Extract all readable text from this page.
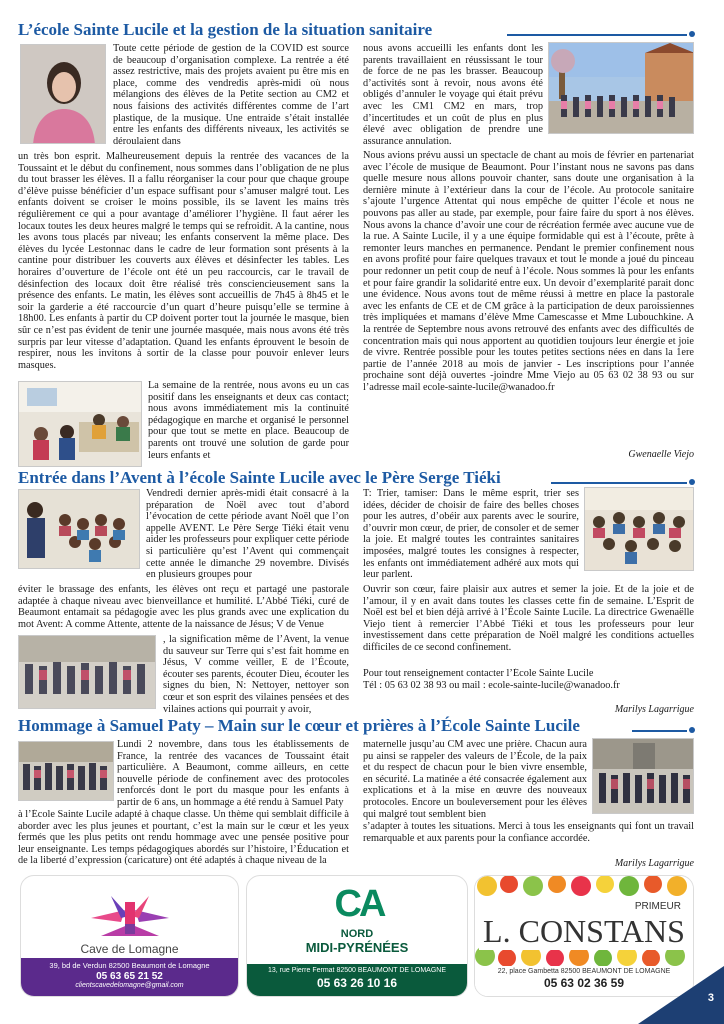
L’école Sainte Lucile et la gestion de la situation sanitaire
Toute cette période de gestion de la COVID est source de beaucoup d’organisation complexe. La rentrée a été assez restrictive, mais des projets avaient pu être mis en place, comme des vendredis après-midi où nous mélangions des élèves de la Petite section au CM2 et nous faisions des activités différentes comme de l’art plastique, de la musique. Une entraide s’était installée entre les enfants des différents niveaux, les activités se déroulaient dans
un très bon esprit. Malheureusement depuis la rentrée des vacances de la Toussaint et le début du confinement, nous sommes dans l’obligation de ne plus du tout brasser les élèves. Il a fallu réorganiser la cour pour que chaque groupe d’élève puisse bénéficier d’un espace suffisant pour s’amuser malgré tout. Les enfants doivent se croiser le moins possible, ils se lavent les mains très régulièrement ce qui a pour avantage d’améliorer l’hygiène. Il faut aérer les locaux toutes les deux heures malgré le temps qui se refroidit. A la cantine, nous les avons tous placés par niveau; les enfants conservent la même place. Des élèves du lycée Lestonnac dans le cadre de leur formation sont présents à la cantine pour distribuer les couverts aux élèves et désinfecter les tables. Les horaires d’ouverture de l’école ont été un peu raccourcis, car le travail de désinfection des locaux doit être réalisé très consciencieusement sans la présence des enfants. Le matin, les élèves sont accueillis de 7h45 à 8h45 et le soir la garderie a été raccourcie d’un quart d’heure puisqu’elle se termine à 18h00. Les enfants à partir du CP doivent porter tout la journée le masque, bien sûr ce n’est pas évident de tenir une journée masquée, mais nous avons été très surpris par leur vitesse d’adaptation. Quand les enfants éprouvent le besoin de respirer, nous les invitons à sortir de la classe pour pouvoir enlever leurs masques.
La semaine de la rentrée, nous avons eu un cas positif dans les enseignants et deux cas contact; nous avons immédiatement mis la continuité pédagogique en marche et organisé le personnel pour que tout se mette en place. Beaucoup de parents ont trouvé une solution de garde pour leurs enfants et
nous avons accueilli les enfants dont les parents travaillaient en réussissant le tour de force de ne pas les brasser. Beaucoup d’activités sont à revoir, nous avons été obligés d’annuler le voyage qui était prévu avec les CM1 CM2 en mars, trop d’incertitudes et un coût de plus en plus élevé avec obligation de prendre une assurance annulation.
Nous avions prévu aussi un spectacle de chant au mois de février en partenariat avec l’école de musique de Beaumont. Pour l’instant nous ne savons pas dans quelle mesure nous allons pouvoir chanter, sans doute une organisation à la dernière minute à l’extérieur dans la cour de l’école. Au protocole sanitaire s’ajoute l’urgence Attentat qui nous empêche de quitter l’école et nous ne pouvons pas aller au stade, par exemple, pour faire faire du sport à nos élèves. Nous avons la chance d’avoir une cour de récréation fermée avec aucune vue de la rue. A Sainte Lucile, il y a une équipe formidable qui est à l’écoute, prête à remonter leurs manches en permanence. Pendant le premier confinement nous en avons profité pour faire quelques travaux et tout le monde a joué du pinceau pour redonner un petit coup de neuf à l’école. Nous sommes là pour les enfants et pour faire grandir la solidarité entre eux. Un devoir d’exemplarité parait donc une évidence. Nous avons tout de même réussi à mettre en place la pastorale avec les enfants de CE et de CM grâce à la participation de deux paroissiennes très impliquées et mamans d’élève Mme Camescasse et Mme Lubouchkine. A la rentrée de Septembre nous avons retrouvé des enfants avec des difficultés de concentration mais qui nous apportent au quotidien toujours leur énergie et joie de vivre. Rentrée possible pour les toutes petites sections nées en dans la 1ere partie de l’année 2018 au mois de janvier - Les inscriptions pour l’année prochaine sont déjà ouvertes -joindre Mme Viejo au 05 63 02 38 93 ou sur l’adresse mail ecole-sainte-lucile@wanadoo.fr
Gwenaelle Viejo
Entrée dans l’Avent à l’école Sainte Lucile avec le Père Serge Tiéki
Vendredi dernier après-midi était consacré à la préparation de Noël avec tout d’abord l’évocation de cette période avant Noël que l’on appelle AVENT. Le Père Serge Tiéki était venu aider les professeurs pour expliquer cette période si particulière qu’est l’Avent qui commençait cette année le dimanche 29 novembre. Divisés en plusieurs groupes pour
éviter le brassage des enfants, les élèves ont reçu et partagé une pastorale adaptée à chaque niveau avec bienveillance et humilité. L’Abbé Tiéki, curé de Beaumont entamait sa pédagogie avec les plus grands avec une explication du mot Avent: A comme Attente, attente de la naissance de Jésus; V de Venue
, la signification même de l’Avent, la venue du sauveur sur Terre qui s’est fait homme en Jésus, V comme veiller, E de l’Écoute, écouter ses parents, écouter Dieu, écouter les signes du bien, N: Nettoyer, nettoyer son cœur et son esprit des vilaines pensées et des vilaines actions qui pourrait y avoir,
T: Trier, tamiser: Dans le même esprit, trier ses idées, décider de choisir de faire des belles choses pour les autres, d’obéir aux parents avec le sourire, d’ouvrir mon cœur, de prier, de consoler et de semer la joie. Et malgré toutes les contraintes sanitaires imposées, malgré toutes les consignes à respecter, les enfants ont immédiatement adhéré aux mots qui leur parlent.
Ouvrir son cœur, faire plaisir aux autres et semer la joie. Et de la joie et de l’amour, il y en avait dans toutes les classes cette fin de semaine. L’Esprit de Noël est bel et bien déjà arrivé à l’École Sainte Lucile. La directrice Gwenaëlle Viejo tient à remercier l’Abbé Tiéki et tous les professeurs pour leur investissement dans cette préparation de Noël malgré les conditions actuelles difficiles de ce second confinement.
Pour tout renseignement contacter l’École Sainte Lucile
Tél : 05 63 02 38 93 ou mail : ecole-sainte-lucile@wanadoo.fr
Marilys Lagarrigue
Hommage à Samuel Paty – Main sur le cœur et prières à l’École Sainte Lucile
Lundi 2 novembre, dans tous les établissements de France, la rentrée des vacances de Toussaint était particulière. A Beaumont, comme ailleurs, en cette nouvelle période de confinement avec des protocoles renforcés dont le port du masque pour les enfants à partir de 6 ans, un hommage a été rendu à Samuel Paty
à l’École Sainte Lucile adapté à chaque classe. Un thème qui semblait difficile à aborder avec les plus jeunes et pourtant, c’est la main sur le cœur et les yeux fermés que les plus petits ont rendu hommage avec une pensée positive pour leur enseignante. Les temps pédagogiques abordés sur l’histoire, l’Éducation et de la liberté d’expression (caricature) ont été adaptés à chaque niveau de la
maternelle jusqu’au CM avec une prière. Chacun aura pu ainsi se rappeler des valeurs de l’École, de la paix et du respect de chacun pour le bien vivre ensemble, en sécurité. La matinée a été consacrée également aux explications et à la mise en œuvre des nouveaux protocoles. Encore un bouleversement pour les élèves qui malgré tout semblent bien
s’adapter à toutes les situations. Merci à tous les enseignants qui font un travail remarquable et aux parents pour la confiance accordée.
Marilys Lagarrigue
Cave de Lomagne
39, bd de Verdun 82500 Beaumont de Lomagne
05 63 65 21 52
clientscavedelomagne@gmail.com
CA
NORD
MIDI-PYRÉNÉES
13, rue Pierre Fermat 82500 BEAUMONT DE LOMAGNE
05 63 26 10 16
PRIMEUR
L. CONSTANS
22, place Gambetta 82500 BEAUMONT DE LOMAGNE
05 63 02 36 59
3
